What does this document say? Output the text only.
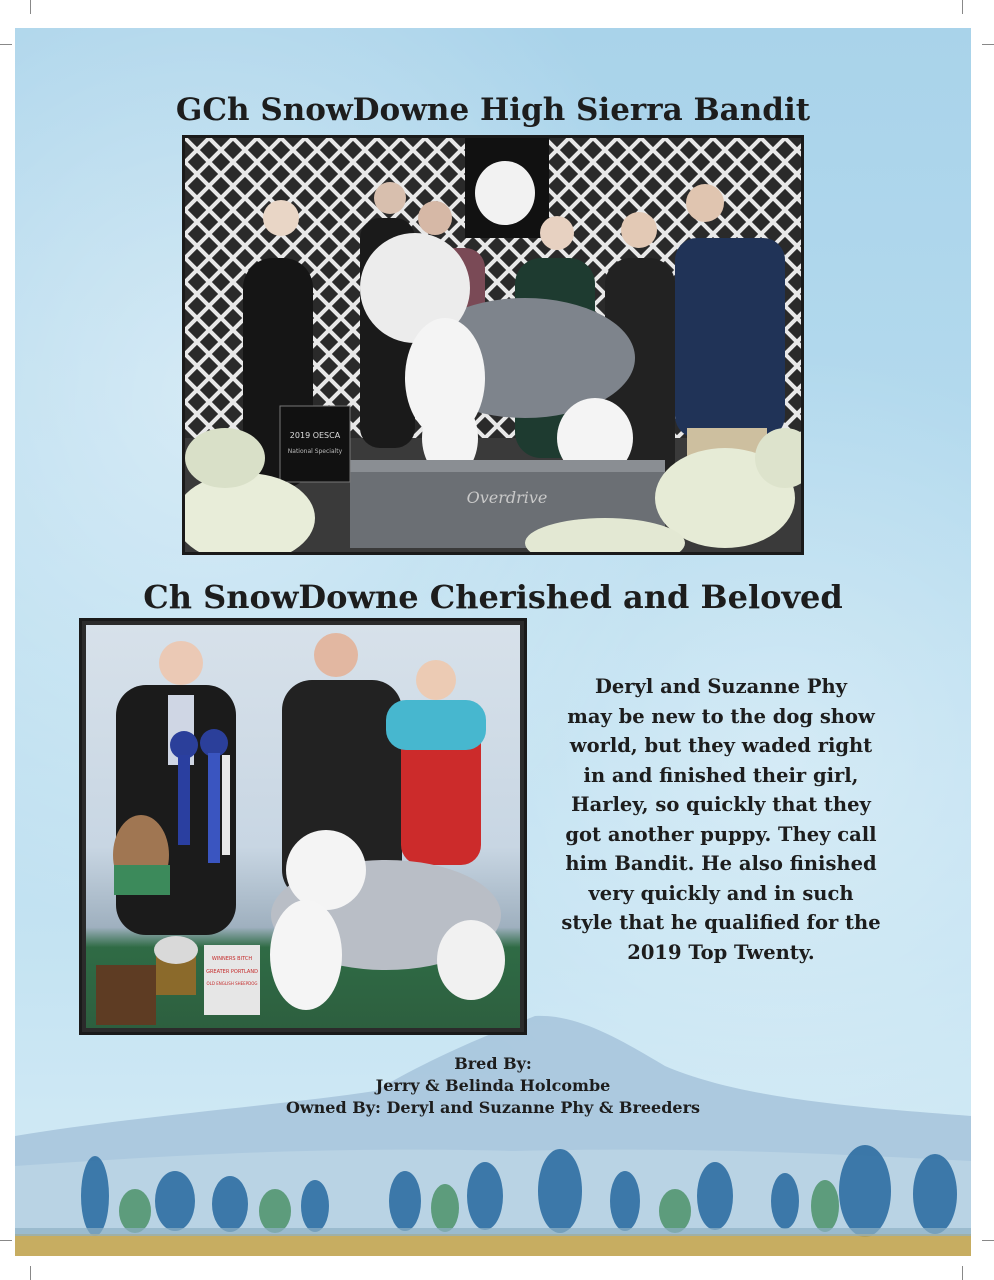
GCh SnowDowne High Sierra Bandit
Overdrive
2019 OESCA
National Specialty
Ch SnowDowne Cherished and Beloved
WINNERS BITCH
GREATER PORTLAND
OLD ENGLISH SHEEPDOG
Deryl and Suzanne Phy
may be new to the dog show
world, but they waded right
in and finished their girl,
Harley, so quickly that they
got another puppy. They call
him Bandit. He also finished
very quickly and in such
style that he qualified for the
2019 Top Twenty.
Bred By:
Jerry & Belinda Holcombe
Owned By: Deryl and Suzanne Phy & Breeders
